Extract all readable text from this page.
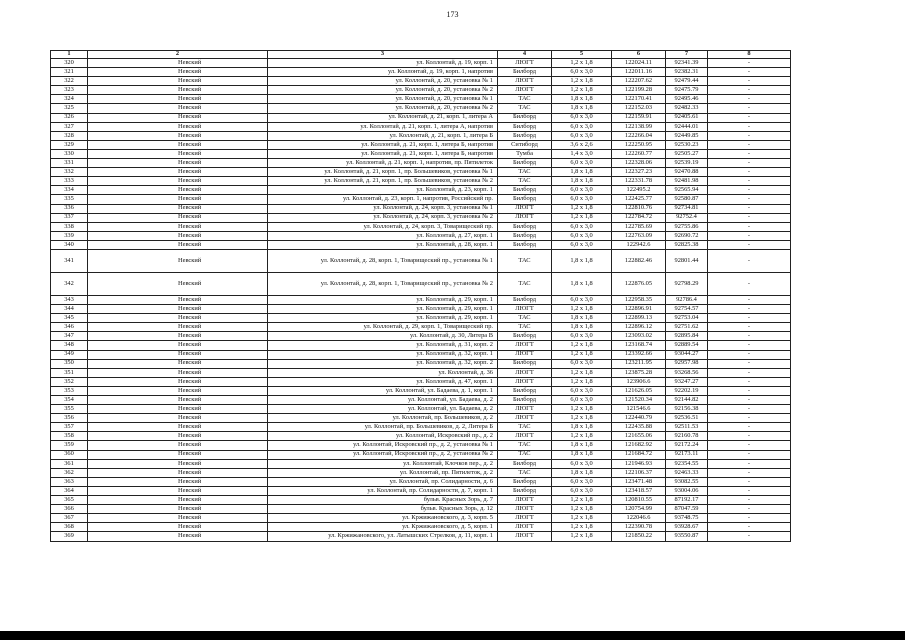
173
1	2	3	4	5	6	7	8
320	Невский	ул. Коллонтай, д. 19, корп. 1	ЛЮГТ	1,2 х 1,8	122024.11	92341.39	-
321	Невский	ул. Коллонтай, д. 19, корп. 1, напротив	Билборд	6,0 х 3,0	122011.16	92382.31	-
322	Невский	ул. Коллонтай, д. 20, установка № 1	ЛЮГТ	1,2 х 1,8	122207.62	92479.44	-
323	Невский	ул. Коллонтай, д. 20, установка № 2	ЛЮГТ	1,2 х 1,8	122199.28	92475.79	-
324	Невский	ул. Коллонтай, д. 20, установка № 1	ТАС	1,8 х 1,8	122170.41	92495.46	-
325	Невский	ул. Коллонтай, д. 20, установка № 2	ТАС	1,8 х 1,8	122152.03	92482.33	-
326	Невский	ул. Коллонтай, д. 21, корп. 1, литера А	Билборд	6,0 х 3,0	122159.91	92405.61	-
327	Невский	ул. Коллонтай, д. 21, корп. 1, литера А, напротив	Билборд	6,0 х 3,0	122138.99	92444.01	-
328	Невский	ул. Коллонтай, д. 21, корп. 1, литера Б	Билборд	6,0 х 3,0	122266.04	92449.85	-
329	Невский	ул. Коллонтай, д. 21, корп. 1, литера Б, напротив	Ситиборд	3,6 х 2,6	122250.95	92530.23	-
330	Невский	ул. Коллонтай, д. 21, корп. 1, литера Б, напротив	Тумба	1,4 х 3,0	122260.77	92505.27	-
331	Невский	ул. Коллонтай, д. 21, корп. 1, напротив, пр. Пятилеток	Билборд	6,0 х 3,0	122328.06	92539.19	-
332	Невский	ул. Коллонтай, д. 21, корп. 1, пр. Большевиков, установка № 1	ТАС	1,8 х 1,8	122327.23	92470.88	-
333	Невский	ул. Коллонтай, д. 21, корп. 1, пр. Большевиков, установка № 2	ТАС	1,8 х 1,8	122331.78	92481.98	-
334	Невский	ул. Коллонтай, д. 23, корп. 1	Билборд	6,0 х 3,0	122495.2	92565.94	-
335	Невский	ул. Коллонтай, д. 23, корп. 1, напротив, Российский пр.	Билборд	6,0 х 3,0	122425.77	92580.87	-
336	Невский	ул. Коллонтай, д. 24, корп. 3, установка № 1	ЛЮГТ	1,2 х 1,8	122810.76	92734.81	-
337	Невский	ул. Коллонтай, д. 24, корп. 3, установка № 2	ЛЮГТ	1,2 х 1,8	122784.72	92752.4	-
338	Невский	ул. Коллонтай, д. 24, корп. 3, Товарищеский пр.	Билборд	6,0 х 3,0	122785.69	92755.86	-
339	Невский	ул. Коллонтай, д. 27, корп. 1	Билборд	6,0 х 3,0	122763.09	92690.72	-
340	Невский	ул. Коллонтай, д. 28, корп. 1	Билборд	6,0 х 3,0	122942.6	92825.38	-
341	Невский	ул. Коллонтай, д. 28, корп. 1, Товарищеский пр., установка № 1	ТАС	1,8 х 1,8	122882.46	92801.44	-
342	Невский	ул. Коллонтай, д. 28, корп. 1, Товарищеский пр., установка № 2	ТАС	1,8 х 1,8	122876.05	92798.29	-
343	Невский	ул. Коллонтай, д. 29, корп. 1	Билборд	6,0 х 3,0	122958.35	92786.4	-
344	Невский	ул. Коллонтай, д. 29, корп. 1	ЛЮГТ	1,2 х 1,8	122896.91	92754.57	-
345	Невский	ул. Коллонтай, д. 29, корп. 1	ТАС	1,8 х 1,8	122899.13	92753.04	-
346	Невский	ул. Коллонтай, д. 29, корп. 1, Товарищеский пр.	ТАС	1,8 х 1,8	122896.12	92751.62	-
347	Невский	ул. Коллонтай, д. 30, Литера В	Билборд	6,0 х 3,0	123093.02	92895.84	-
348	Невский	ул. Коллонтай, д. 31, корп. 2	ЛЮГТ	1,2 х 1,8	123168.74	92889.54	-
349	Невский	ул. Коллонтай, д. 32, корп. 1	ЛЮГТ	1,2 х 1,8	123392.66	93044.27	-
350	Невский	ул. Коллонтай, д. 32, корп. 2	Билборд	6,0 х 3,0	123211.95	92957.98	-
351	Невский	ул. Коллонтай, д. 36	ЛЮГТ	1,2 х 1,8	123875.28	93268.56	-
352	Невский	ул. Коллонтай, д. 47, корп. 1	ЛЮГТ	1,2 х 1,8	123906.6	93247.27	-
353	Невский	ул. Коллонтай, ул. Бадаева, д. 1, корп. 1	Билборд	6,0 х 3,0	121626.05	92202.19	-
354	Невский	ул. Коллонтай, ул. Бадаева, д. 2	Билборд	6,0 х 3,0	121520.34	92144.82	-
355	Невский	ул. Коллонтай, ул. Бадаева, д. 2	ЛЮГТ	1,2 х 1,8	121546.6	92156.38	-
356	Невский	ул. Коллонтай, пр. Большевиков, д. 2	ЛЮГТ	1,2 х 1,8	122440.79	92536.51	-
357	Невский	ул. Коллонтай, пр. Большевиков, д. 2, Литера Б	ТАС	1,8 х 1,8	122435.88	92511.53	-
358	Невский	ул. Коллонтай, Искровский пр., д. 2	ЛЮГТ	1,2 х 1,8	121655.06	92160.78	-
359	Невский	ул. Коллонтай, Искровский пр., д. 2, установка № 1	ТАС	1,8 х 1,8	121682.92	92172.24	-
360	Невский	ул. Коллонтай, Искровский пр., д. 2, установка № 2	ТАС	1,8 х 1,8	121684.72	92173.11	-
361	Невский	ул. Коллонтай, Клочков пер., д. 2	Билборд	6,0 х 3,0	121946.93	92354.55	-
362	Невский	ул. Коллонтай, пр. Пятилеток, д. 2	ТАС	1,8 х 1,8	122106.37	92463.33	-
363	Невский	ул. Коллонтай, пр. Солидарности, д. 6	Билборд	6,0 х 3,0	123471.48	93082.55	-
364	Невский	ул. Коллонтай, пр. Солидарности, д. 7, корп. 1	Билборд	6,0 х 3,0	123418.57	93004.06	-
365	Невский	бульв. Красных Зорь, д. 7	ЛЮГТ	1,2 х 1,8	120810.55	87192.17	-
366	Невский	бульв. Красных Зорь, д. 12	ЛЮГТ	1,2 х 1,8	120754.99	87047.59	-
367	Невский	ул. Кржижановского, д. 3, корп. 5	ЛЮГТ	1,2 х 1,8	122046.6	93748.75	-
368	Невский	ул. Кржижановского, д. 5, корп. 1	ЛЮГТ	1,2 х 1,8	122390.78	93928.67	-
369	Невский	ул. Кржижановского, ул. Латышских Стрелков, д. 11, корп. 1	ЛЮГТ	1,2 х 1,8	121850.22	93550.87	-
